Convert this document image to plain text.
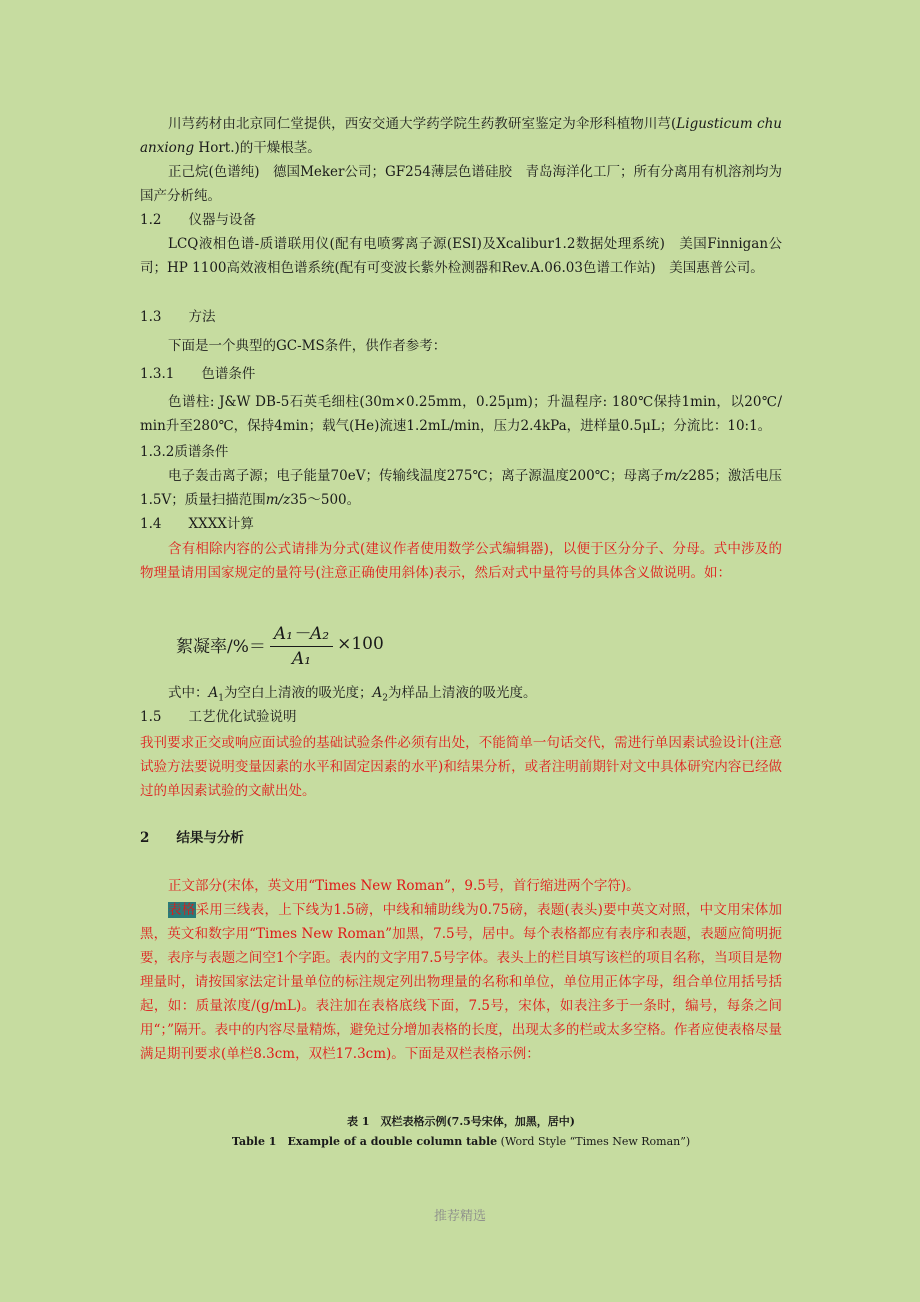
川芎药材由北京同仁堂提供，西安交通大学药学院生药教研室鉴定为伞形科植物川芎(Ligusticum chuanxiong Hort.)的干燥根茎。
正己烷(色谱纯)　德国Meker公司；GF254薄层色谱硅胶　青岛海洋化工厂；所有分离用有机溶剂均为国产分析纯。
1.2　　仪器与设备
LCQ液相色谱-质谱联用仪(配有电喷雾离子源(ESI)及Xcalibur1.2数据处理系统)　美国Finnigan公司；HP 1100高效液相色谱系统(配有可变波长紫外检测器和Rev.A.06.03色谱工作站)　美国惠普公司。
1.3　　方法
下面是一个典型的GC-MS条件，供作者参考：
1.3.1　　色谱条件
色谱柱: J&W DB-5石英毛细柱(30m×0.25mm，0.25μm)；升温程序: 180℃保持1min，以20℃/min升至280℃，保持4min；载气(He)流速1.2mL/min，压力2.4kPa，进样量0.5μL；分流比：10:1。
1.3.2质谱条件
电子轰击离子源；电子能量70eV；传输线温度275℃；离子源温度200℃；母离子m/z285；激活电压1.5V；质量扫描范围m/z35～500。
1.4　　XXXX计算
含有相除内容的公式请排为分式(建议作者使用数学公式编辑器)，以便于区分分子、分母。式中涉及的物理量请用国家规定的量符号(注意正确使用斜体)表示，然后对式中量符号的具体含义做说明。如：
絮凝率/%＝ $\frac{\text{A₁－A₂}}{\text{A₁}} \times 100$
式中：$A_1$为空白上清液的吸光度；$A_2$为样品上清液的吸光度。
1.5　　工艺优化试验说明
我刊要求正交或响应面试验的基础试验条件必须有出处，不能简单一句话交代，需进行单因素试验设计(注意试验方法要说明变量因素的水平和固定因素的水平)和结果分析，或者注明前期针对文中具体研究内容已经做过的单因素试验的文献出处。
2　　结果与分析
正文部分(宋体，英文用“Times New Roman”，9.5号，首行缩进两个字符)。
表格采用三线表，上下线为1.5磅，中线和辅助线为0.75磅，表题(表头)要中英文对照，中文用宋体加黑，英文和数字用“Times New Roman”加黑，7.5号，居中。每个表格都应有表序和表题，表题应简明扼要，表序与表题之间空1个字距。表内的文字用7.5号字体。表头上的栏目填写该栏的项目名称，当项目是物理量时，请按国家法定计量单位的标注规定列出物理量的名称和单位，单位用正体字母，组合单位用括号括起，如：质量浓度/(g/mL)。表注加在表格底线下面，7.5号，宋体，如表注多于一条时，编号，每条之间用“；”隔开。表中的内容尽量精炼，避免过分增加表格的长度，出现太多的栏或太多空格。作者应使表格尽量满足期刊要求(单栏8.3cm，双栏17.3cm)。下面是双栏表格示例：
表 1　双栏表格示例(7.5号宋体，加黑，居中)
Table 1　Example of a double column table (Word Style “Times New Roman”)
推荐精选
